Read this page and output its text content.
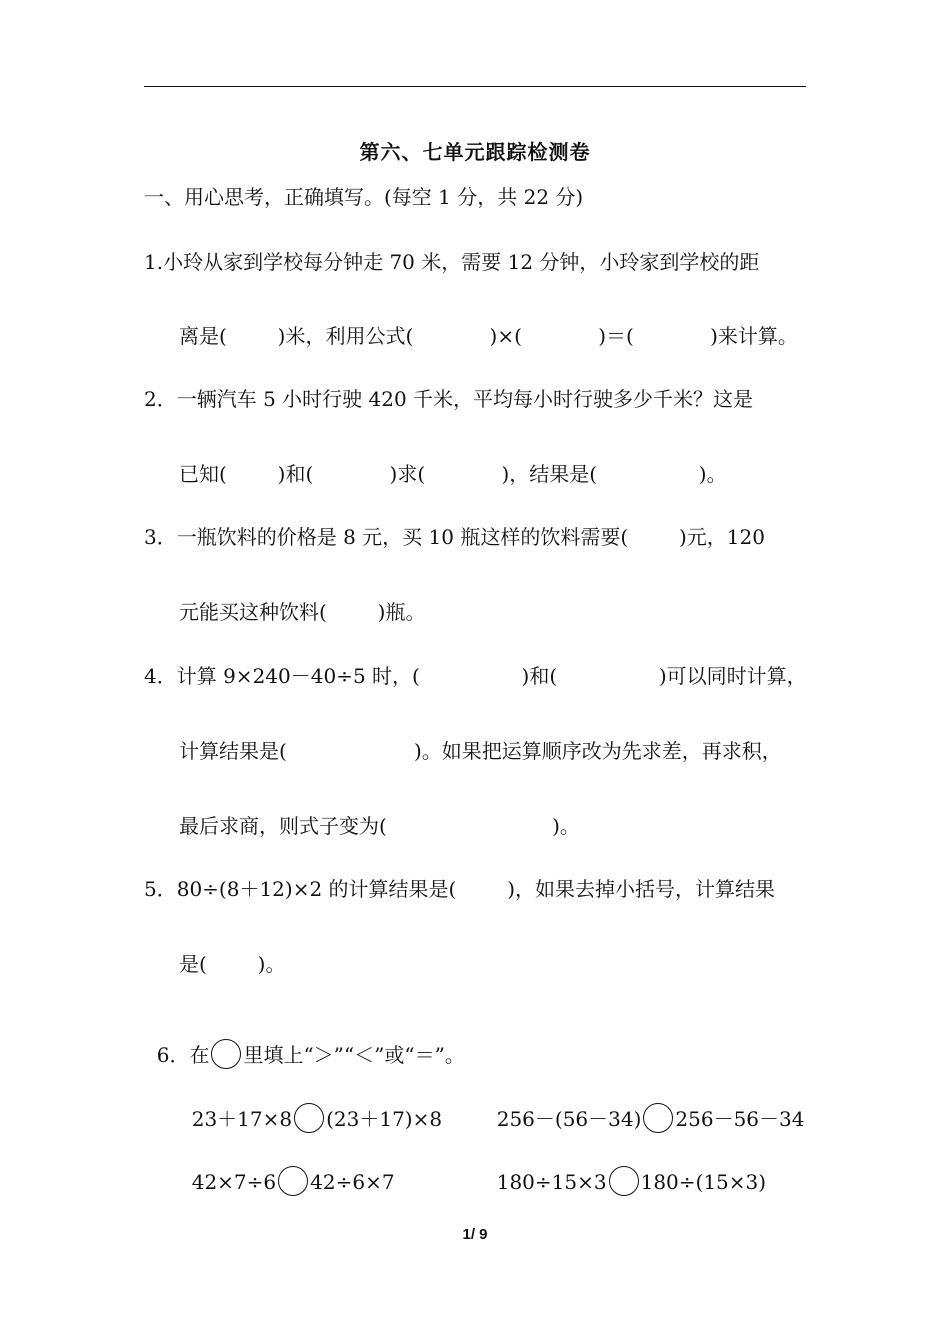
第六、七单元跟踪检测卷
一、用心思考，正确填写。(每空 1 分，共 22 分)
1.小玲从家到学校每分钟走 70 米，需要 12 分钟，小玲家到学校的距
离是(        )米，利用公式(            )×(            )＝(            )来计算。
2．一辆汽车 5 小时行驶 420 千米，平均每小时行驶多少千米？这是
已知(        )和(            )求(            )，结果是(                )。
3．一瓶饮料的价格是 8 元，买 10 瓶这样的饮料需要(        )元，120
元能买这种饮料(        )瓶。
4．计算 9×240－40÷5 时，(                )和(                )可以同时计算，
计算结果是(                    )。如果把运算顺序改为先求差，再求积，
最后求商，则式子变为(                          )。
5．80÷(8＋12)×2 的计算结果是(        )，如果去掉小括号，计算结果
是(        )。

6．在 里填上“＞”“＜”或“＝”。

23＋17×8 (23＋17)×8	256－(56－34) 256－56－34

42×7÷6 42÷6×7	180÷15×3 180÷(15×3)

1/ 9
